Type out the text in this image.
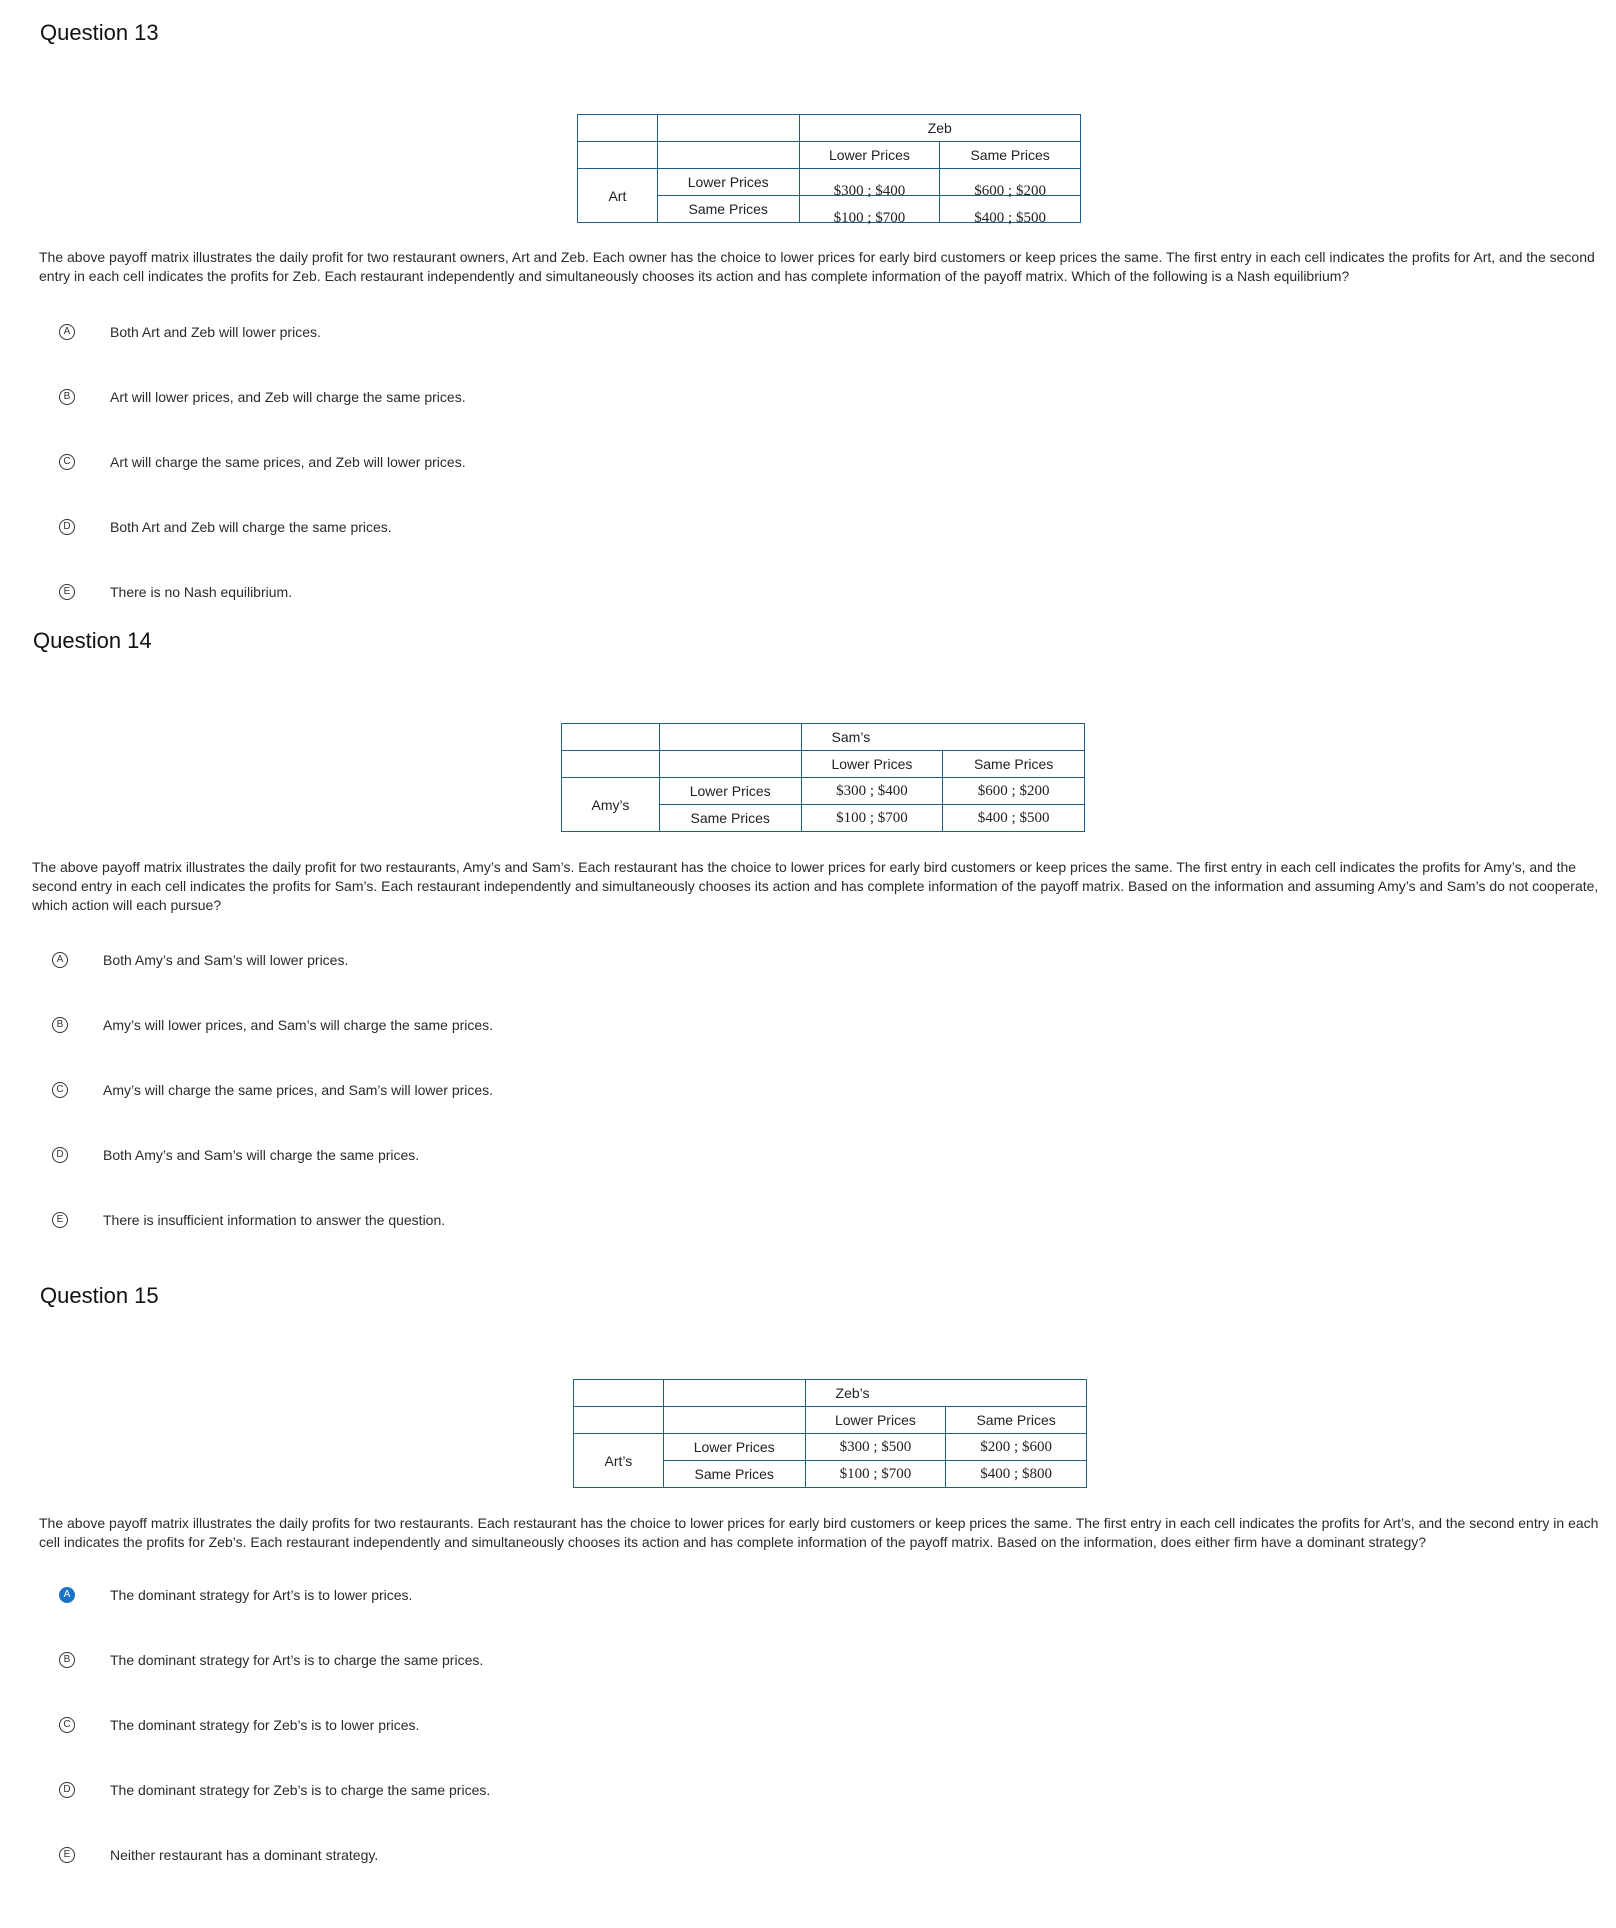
Question 13
		Zeb	
		Lower Prices	Same Prices
Art	Lower Prices	$300 ; $400	$600 ; $200

	Same Prices	$100 ; $700	$400 ; $500
The above payoff matrix illustrates the daily profit for two restaurant owners, Art and Zeb. Each owner has the choice to lower prices for early bird customers or keep prices the same. The first entry in each cell indicates the profits for Art, and the second entry in each cell indicates the profits for Zeb. Each restaurant independently and simultaneously chooses its action and has complete information of the payoff matrix. Which of the following is a Nash equilibrium?
A	Both Art and Zeb will lower prices.
B	Art will lower prices, and Zeb will charge the same prices.
C	Art will charge the same prices, and Zeb will lower prices.
D	Both Art and Zeb will charge the same prices.
E	There is no Nash equilibrium.
Question 14
		Sam’s	
		Lower Prices	Same Prices
Amy’s	Lower Prices	$300 ; $400	$600 ; $200
	Same Prices	$100 ; $700	$400 ; $500
The above payoff matrix illustrates the daily profit for two restaurants, Amy’s and Sam’s. Each restaurant has the choice to lower prices for early bird customers or keep prices the same. The first entry in each cell indicates the profits for Amy’s, and the second entry in each cell indicates the profits for Sam’s. Each restaurant independently and simultaneously chooses its action and has complete information of the payoff matrix. Based on the information and assuming Amy’s and Sam’s do not cooperate, which action will each pursue?
A	Both Amy’s and Sam’s will lower prices.
B	Amy’s will lower prices, and Sam’s will charge the same prices.
C	Amy’s will charge the same prices, and Sam’s will lower prices.
D	Both Amy’s and Sam’s will charge the same prices.
E	There is insufficient information to answer the question.
Question 15
		Zeb’s	
		Lower Prices	Same Prices
Art’s	Lower Prices	$300 ; $500	$200 ; $600
	Same Prices	$100 ; $700	$400 ; $800
The above payoff matrix illustrates the daily profits for two restaurants. Each restaurant has the choice to lower prices for early bird customers or keep prices the same. The first entry in each cell indicates the profits for Art’s, and the second entry in each cell indicates the profits for Zeb’s. Each restaurant independently and simultaneously chooses its action and has complete information of the payoff matrix. Based on the information, does either firm have a dominant strategy?
A	The dominant strategy for Art’s is to lower prices.
B	The dominant strategy for Art’s is to charge the same prices.
C	The dominant strategy for Zeb’s is to lower prices.
D	The dominant strategy for Zeb’s is to charge the same prices.
E	Neither restaurant has a dominant strategy.
